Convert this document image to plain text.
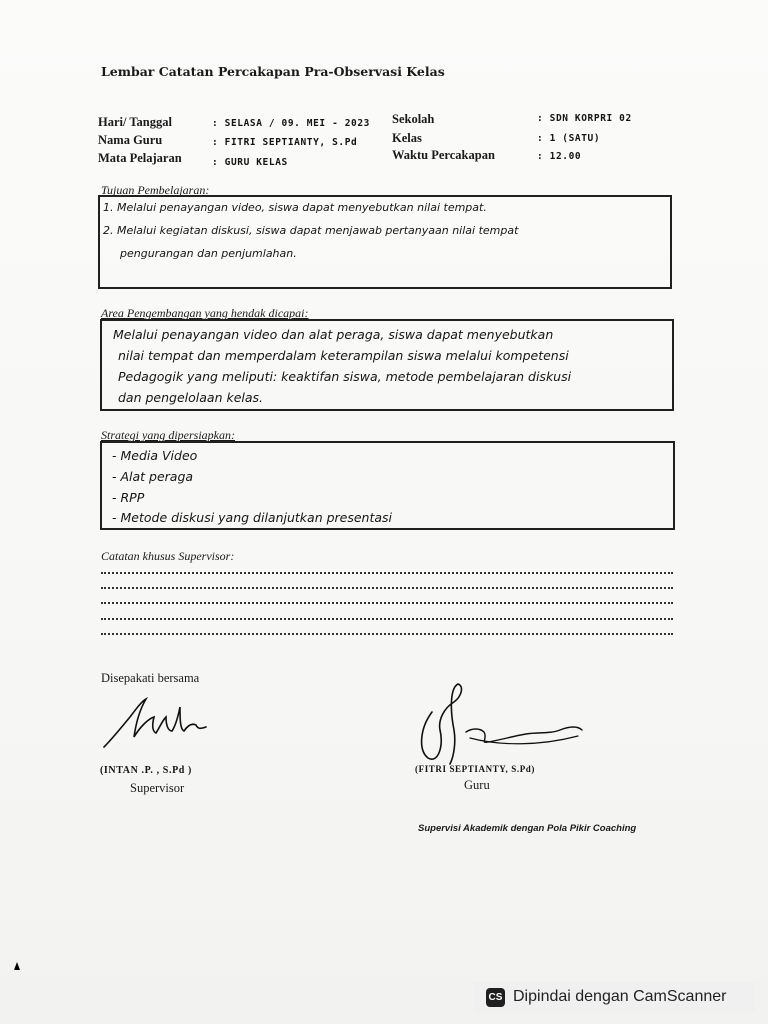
Lembar Catatan Percakapan Pra-Observasi Kelas
Hari/ Tanggal	: SELASA / 09. MEI - 2023
Nama Guru	: FITRI SEPTIANTY, S.Pd
Mata Pelajaran	: GURU KELAS
Sekolah	: SDN KORPRI 02
Kelas	: 1 (SATU)
Waktu Percakapan	: 12.00
Tujuan Pembelajaran:
1. Melalui penayangan video, siswa dapat menyebutkan nilai tempat.
2. Melalui kegiatan diskusi, siswa dapat menjawab pertanyaan nilai tempat
pengurangan dan penjumlahan.
Area Pengembangan yang hendak dicapai:
Melalui penayangan video dan alat peraga, siswa dapat menyebutkan
nilai tempat dan memperdalam keterampilan siswa melalui kompetensi
Pedagogik yang meliputi: keaktifan siswa, metode pembelajaran diskusi
dan pengelolaan kelas.
Strategi yang dipersiapkan:
- Media Video
- Alat peraga
- RPP
- Metode diskusi yang dilanjutkan presentasi
Catatan khusus Supervisor:
Disepakati bersama
(INTAN .P. , S.Pd )
Supervisor
(FITRI SEPTIANTY, S.Pd)
Guru
Supervisi Akademik dengan Pola Pikir Coaching
CS Dipindai dengan CamScanner
